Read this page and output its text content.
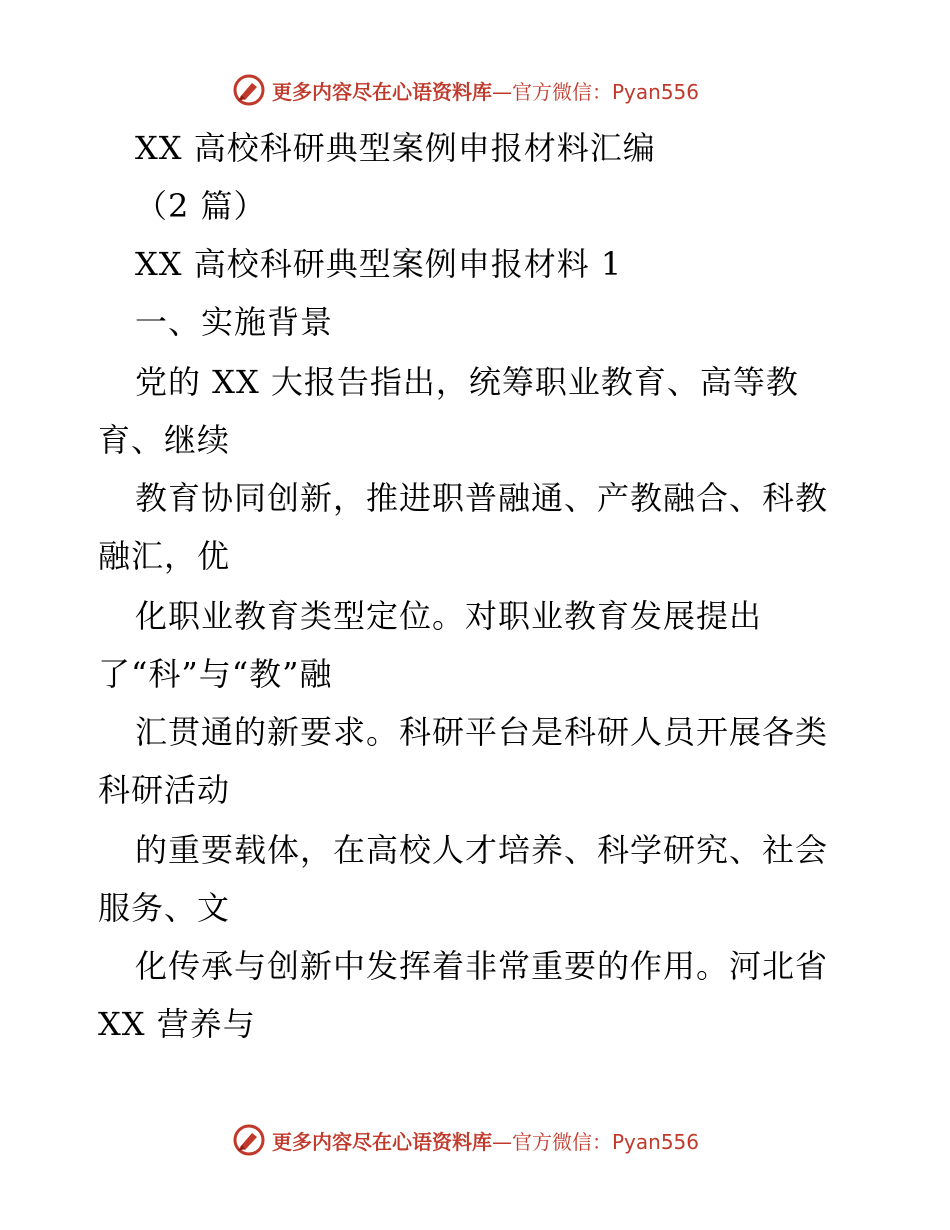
更多内容尽在心语资料库—官方微信：Pyan556
XX 高校科研典型案例申报材料汇编
（2 篇）
XX 高校科研典型案例申报材料 1
一、实施背景
党的 XX 大报告指出，统筹职业教育、高等教
育、继续
教育协同创新，推进职普融通、产教融合、科教
融汇，优
化职业教育类型定位。对职业教育发展提出
了“科”与“教”融
汇贯通的新要求。科研平台是科研人员开展各类
科研活动
的重要载体，在高校人才培养、科学研究、社会
服务、文
化传承与创新中发挥着非常重要的作用。河北省
XX 营养与
更多内容尽在心语资料库—官方微信：Pyan556
